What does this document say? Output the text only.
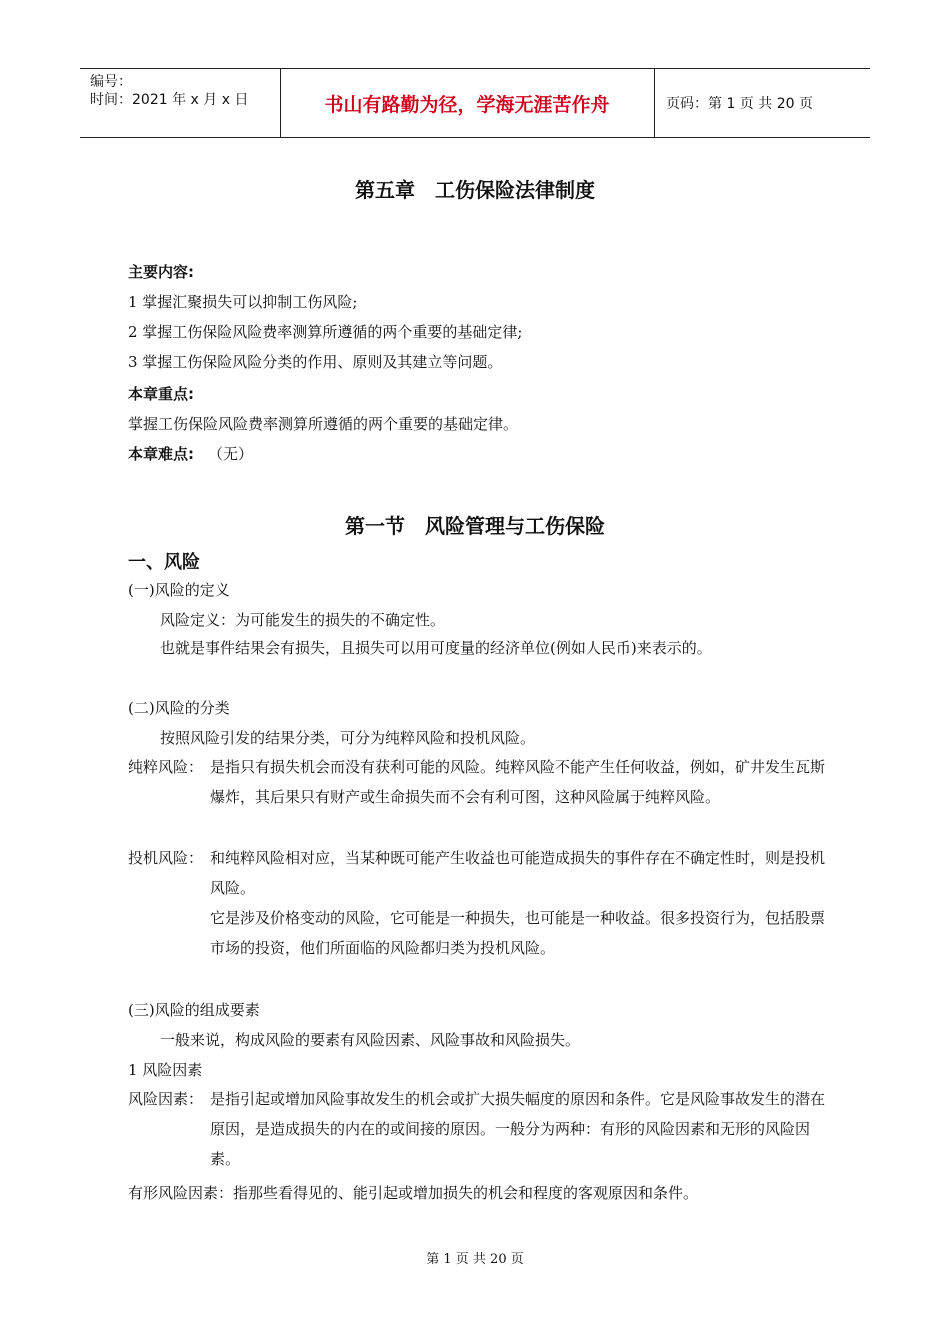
编号：
时间：2021 年 x 月 x 日	书山有路勤为径，学海无涯苦作舟	页码：第 1 页 共 20 页
第五章　工伤保险法律制度
主要内容:
1 掌握汇聚损失可以抑制工伤风险;
2 掌握工伤保险风险费率测算所遵循的两个重要的基础定律;
3 掌握工伤保险风险分类的作用、原则及其建立等问题。
本章重点:
掌握工伤保险风险费率测算所遵循的两个重要的基础定律。
本章难点: （无）
第一节　风险管理与工伤保险
一、风险
(一)风险的定义
风险定义：为可能发生的损失的不确定性。
也就是事件结果会有损失，且损失可以用可度量的经济单位(例如人民币)来表示的。
(二)风险的分类
按照风险引发的结果分类，可分为纯粹风险和投机风险。
纯粹风险： 是指只有损失机会而没有获利可能的风险。纯粹风险不能产生任何收益，例如，矿井发生瓦斯爆炸，其后果只有财产或生命损失而不会有利可图，这种风险属于纯粹风险。
投机风险： 和纯粹风险相对应，当某种既可能产生收益也可能造成损失的事件存在不确定性时，则是投机风险。
它是涉及价格变动的风险，它可能是一种损失，也可能是一种收益。很多投资行为，包括股票市场的投资，他们所面临的风险都归类为投机风险。
(三)风险的组成要素
一般来说，构成风险的要素有风险因素、风险事故和风险损失。
1 风险因素
风险因素： 是指引起或增加风险事故发生的机会或扩大损失幅度的原因和条件。它是风险事故发生的潜在原因，是造成损失的内在的或间接的原因。一般分为两种：有形的风险因素和无形的风险因素。
有形风险因素：指那些看得见的、能引起或增加损失的机会和程度的客观原因和条件。
第 1 页 共 20 页
